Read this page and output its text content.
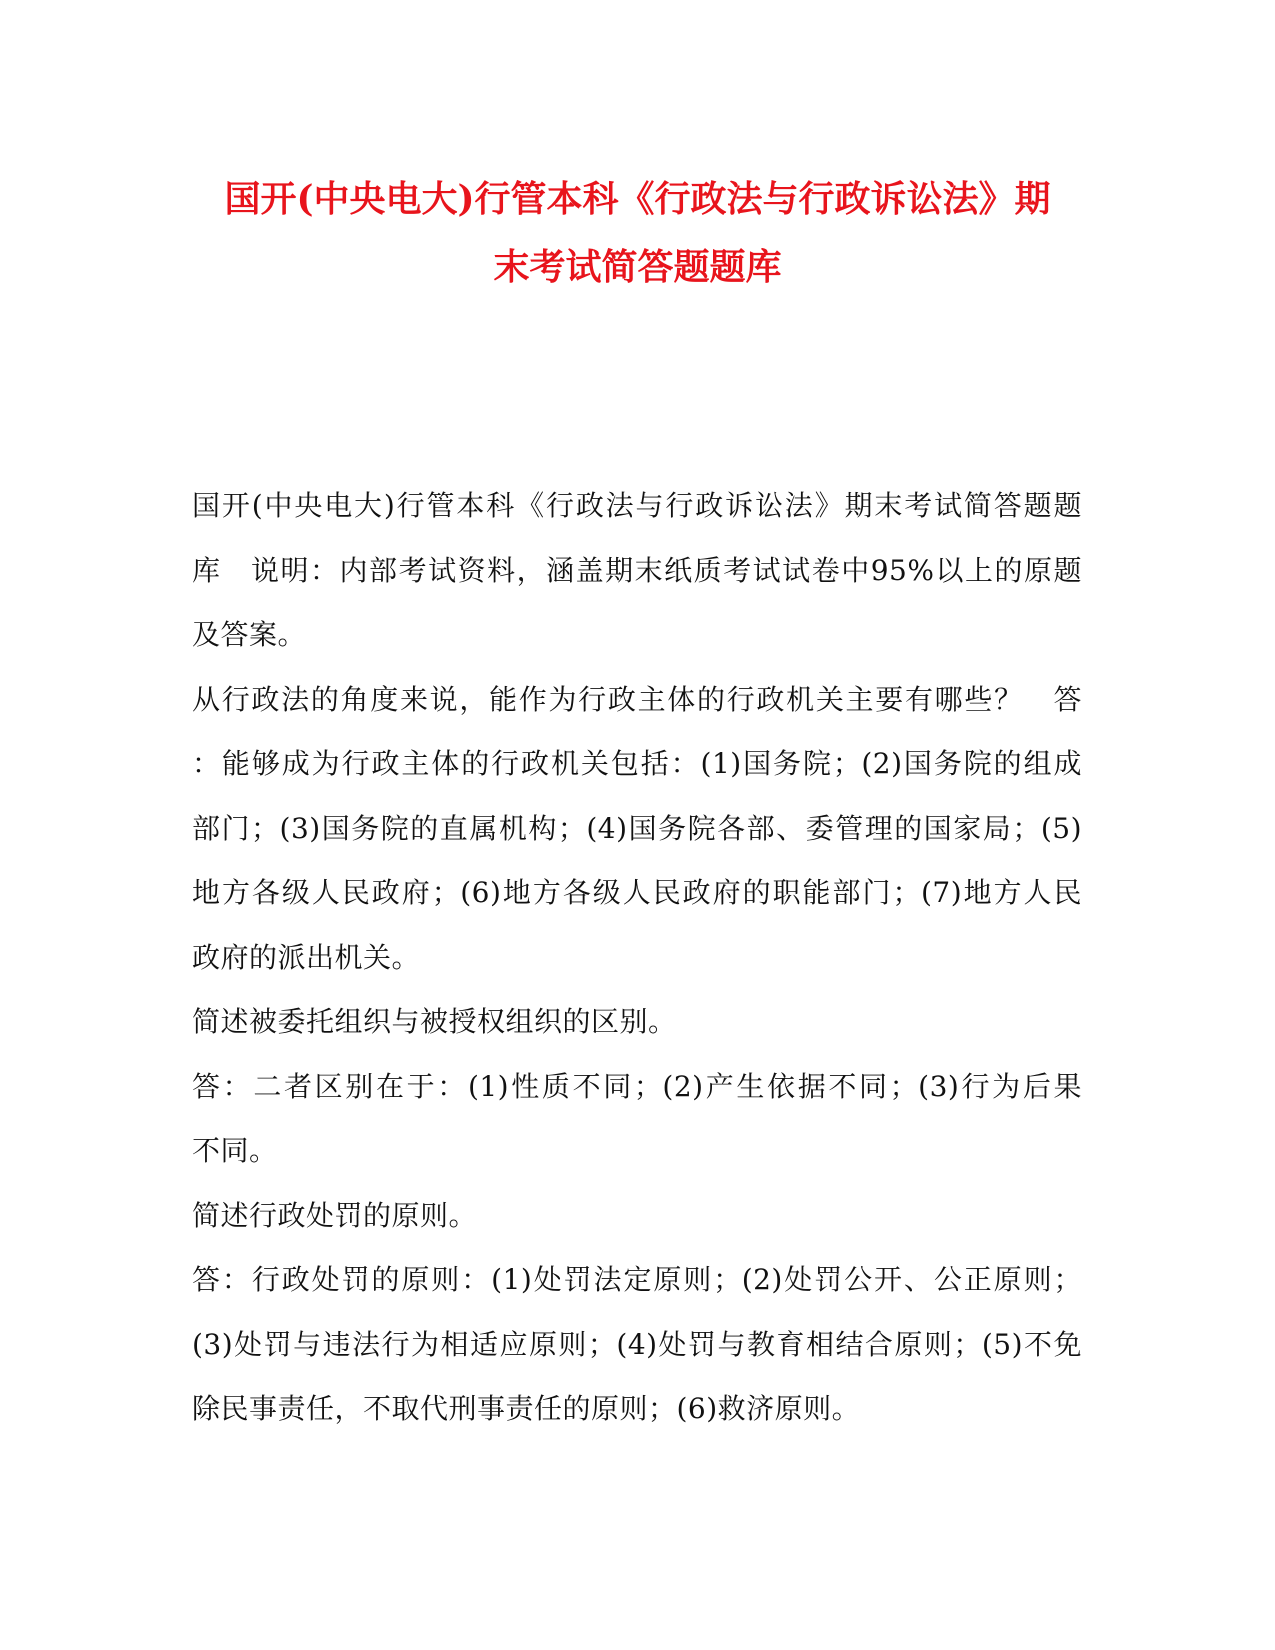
国开(中央电大)行管本科《行政法与行政诉讼法》期
末考试简答题题库

国开(中央电大)行管本科《行政法与行政诉讼法》期末考试简答题题
库　说明：内部考试资料，涵盖期末纸质考试试卷中95%以上的原题
及答案。

从行政法的角度来说，能作为行政主体的行政机关主要有哪些？　答
：能够成为行政主体的行政机关包括：(1)国务院；(2)国务院的组成
部门；(3)国务院的直属机构；(4)国务院各部、委管理的国家局；(5)
地方各级人民政府；(6)地方各级人民政府的职能部门；(7)地方人民
政府的派出机关。

简述被委托组织与被授权组织的区别。

答：二者区别在于：(1)性质不同；(2)产生依据不同；(3)行为后果
不同。

简述行政处罚的原则。

答：行政处罚的原则：(1)处罚法定原则；(2)处罚公开、公正原则；
(3)处罚与违法行为相适应原则；(4)处罚与教育相结合原则；(5)不免
除民事责任，不取代刑事责任的原则；(6)救济原则。
